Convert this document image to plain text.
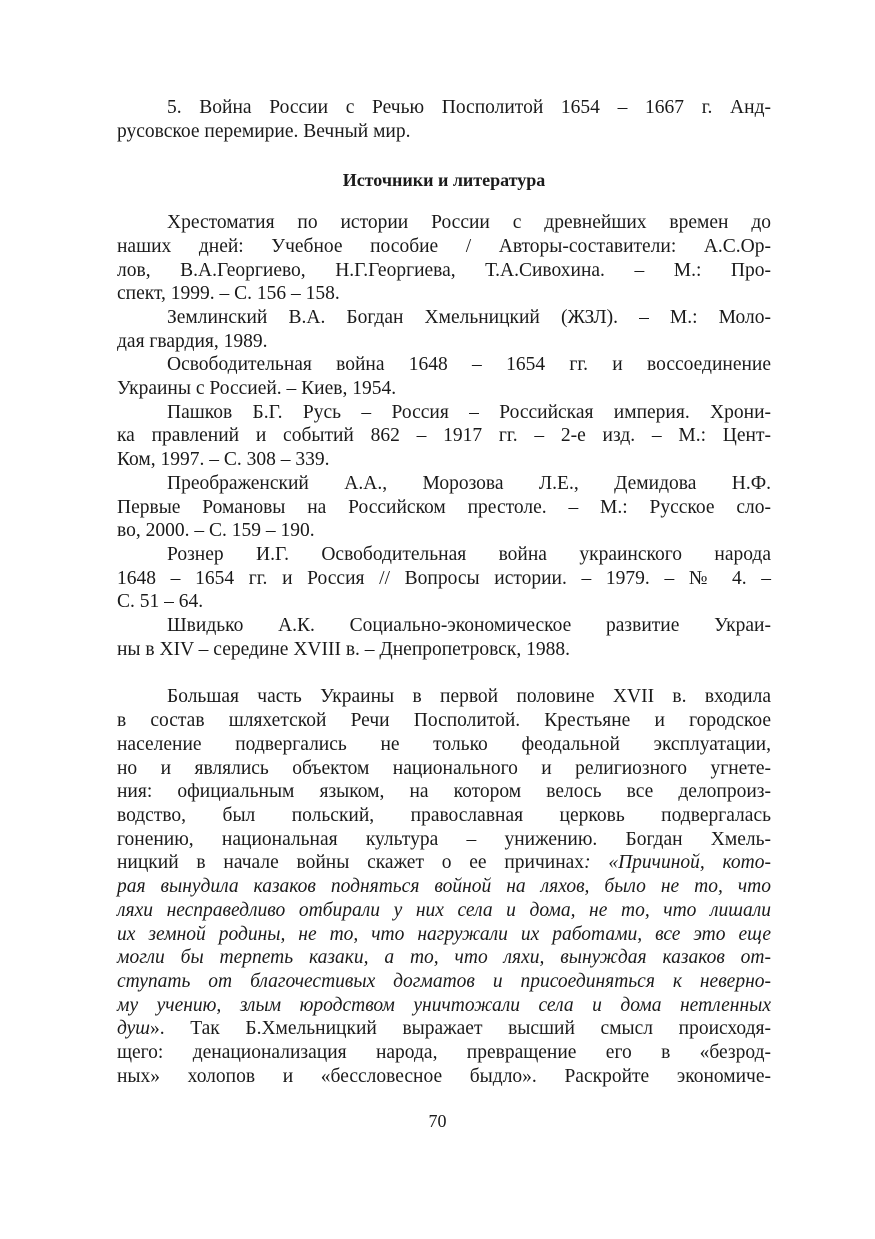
5. Война России с Речью Посполитой 1654 – 1667 г. Анд-
русовское перемирие. Вечный мир.
Источники и литература
Хрестоматия по истории России с древнейших времен до
наших дней: Учебное пособие / Авторы-составители: А.С.Ор-
лов, В.А.Георгиево, Н.Г.Георгиева, Т.А.Сивохина. – М.: Про-
спект, 1999. – С. 156 – 158.
Землинский В.А. Богдан Хмельницкий (ЖЗЛ). – М.: Моло-
дая гвардия, 1989.
Освободительная война 1648 – 1654 гг. и воссоединение
Украины с Россией. – Киев, 1954.
Пашков Б.Г. Русь – Россия – Российская империя. Хрони-
ка правлений и событий 862 – 1917 гг. – 2-е изд. – М.: Цент-
Ком, 1997. – С. 308 – 339.
Преображенский А.А., Морозова Л.Е., Демидова Н.Ф.
Первые Романовы на Российском престоле. – М.: Русское сло-
во, 2000. – С. 159 – 190.
Рознер И.Г. Освободительная война украинского народа
1648 – 1654 гг. и Россия // Вопросы истории. – 1979. – № 4. –
С. 51 – 64.
Швидько А.К. Социально-экономическое развитие Украи-
ны в XIV – середине XVIII в. – Днепропетровск, 1988.
Большая часть Украины в первой половине XVII в. входила
в состав шляхетской Речи Посполитой. Крестьяне и городское
население подвергались не только феодальной эксплуатации,
но и являлись объектом национального и религиозного угнете-
ния: официальным языком, на котором велось все делопроиз-
водство, был польский, православная церковь подвергалась
гонению, национальная культура – унижению. Богдан Хмель-
ницкий в начале войны скажет о ее причинах: «Причиной, кото-
рая вынудила казаков подняться войной на ляхов, было не то, что
ляхи несправедливо отбирали у них села и дома, не то, что лишали
их земной родины, не то, что нагружали их работами, все это еще
могли бы терпеть казаки, а то, что ляхи, вынуждая казаков от-
ступать от благочестивых догматов и присоединяться к неверно-
му учению, злым юродством уничтожали села и дома нетленных
душ». Так Б.Хмельницкий выражает высший смысл происходя-
щего: денационализация народа, превращение его в «безрод-
ных» холопов и «бессловесное быдло». Раскройте экономиче-
70
